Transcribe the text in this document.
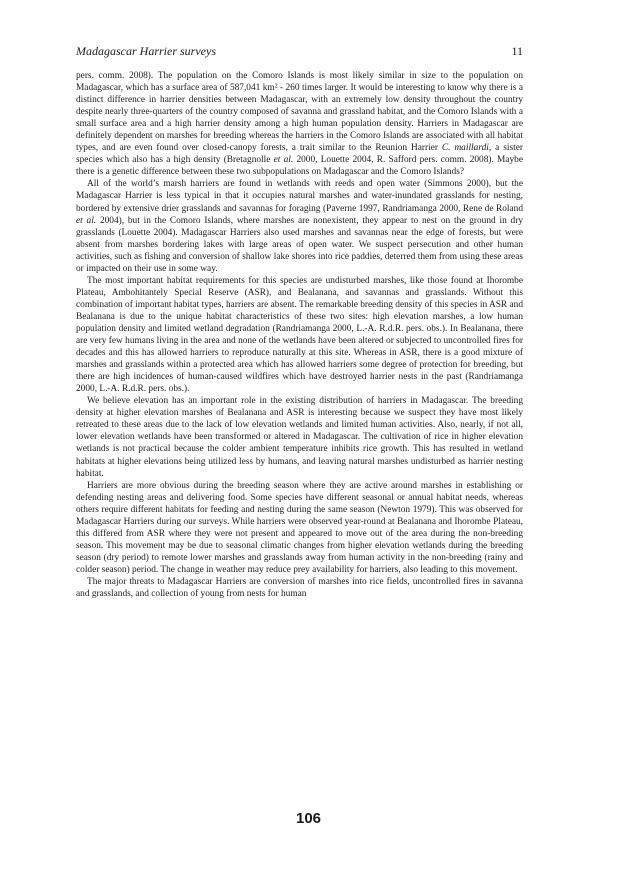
Madagascar Harrier surveys	11

pers. comm. 2008). The population on the Comoro Islands is most likely similar in size to the population on Madagascar, which has a surface area of 587,041 km² - 260 times larger. It would be interesting to know why there is a distinct difference in harrier densities between Madagascar, with an extremely low density throughout the country despite nearly three-quarters of the country composed of savanna and grassland habitat, and the Comoro Islands with a small surface area and a high harrier density among a high human population density. Harriers in Madagascar are definitely dependent on marshes for breeding whereas the harriers in the Comoro Islands are associated with all habitat types, and are even found over closed-canopy forests, a trait similar to the Reunion Harrier C. maillardi, a sister species which also has a high density (Bretagnolle et al. 2000, Louette 2004, R. Safford pers. comm. 2008). Maybe there is a genetic difference between these two subpopulations on Madagascar and the Comoro Islands?

All of the world’s marsh harriers are found in wetlands with reeds and open water (Simmons 2000), but the Madagascar Harrier is less typical in that it occupies natural marshes and water-inundated grasslands for nesting, bordered by extensive drier grasslands and savannas for foraging (Paverne 1997, Randriamanga 2000, Rene de Roland et al. 2004), but in the Comoro Islands, where marshes are nonexistent, they appear to nest on the ground in dry grasslands (Louette 2004). Madagascar Harriers also used marshes and savannas near the edge of forests, but were absent from marshes bordering lakes with large areas of open water. We suspect persecution and other human activities, such as fishing and conversion of shallow lake shores into rice paddies, deterred them from using these areas or impacted on their use in some way.

The most important habitat requirements for this species are undisturbed marshes, like those found at Ihorombe Plateau, Ambohitantely Special Reserve (ASR), and Bealanana, and savannas and grasslands. Without this combination of important habitat types, harriers are absent. The remarkable breeding density of this species in ASR and Bealanana is due to the unique habitat characteristics of these two sites: high elevation marshes, a low human population density and limited wetland degradation (Randriamanga 2000, L.-A. R.d.R. pers. obs.). In Bealanana, there are very few humans living in the area and none of the wetlands have been altered or subjected to uncontrolled fires for decades and this has allowed harriers to reproduce naturally at this site. Whereas in ASR, there is a good mixture of marshes and grasslands within a protected area which has allowed harriers some degree of protection for breeding, but there are high incidences of human-caused wildfires which have destroyed harrier nests in the past (Randriamanga 2000, L.-A. R.d.R. pers. obs.).

We believe elevation has an important role in the existing distribution of harriers in Madagascar. The breeding density at higher elevation marshes of Bealanana and ASR is interesting because we suspect they have most likely retreated to these areas due to the lack of low elevation wetlands and limited human activities. Also, nearly, if not all, lower elevation wetlands have been transformed or altered in Madagascar. The cultivation of rice in higher elevation wetlands is not practical because the colder ambient temperature inhibits rice growth. This has resulted in wetland habitats at higher elevations being utilized less by humans, and leaving natural marshes undisturbed as harrier nesting habitat.

Harriers are more obvious during the breeding season where they are active around marshes in establishing or defending nesting areas and delivering food. Some species have different seasonal or annual habitat needs, whereas others require different habitats for feeding and nesting during the same season (Newton 1979). This was observed for Madagascar Harriers during our surveys. While harriers were observed year-round at Bealanana and Ihorombe Plateau, this differed from ASR where they were not present and appeared to move out of the area during the non-breeding season. This movement may be due to seasonal climatic changes from higher elevation wetlands during the breeding season (dry period) to remote lower marshes and grasslands away from human activity in the non-breeding (rainy and colder season) period. The change in weather may reduce prey availability for harriers, also leading to this movement.

The major threats to Madagascar Harriers are conversion of marshes into rice fields, uncontrolled fires in savanna and grasslands, and collection of young from nests for human

106
